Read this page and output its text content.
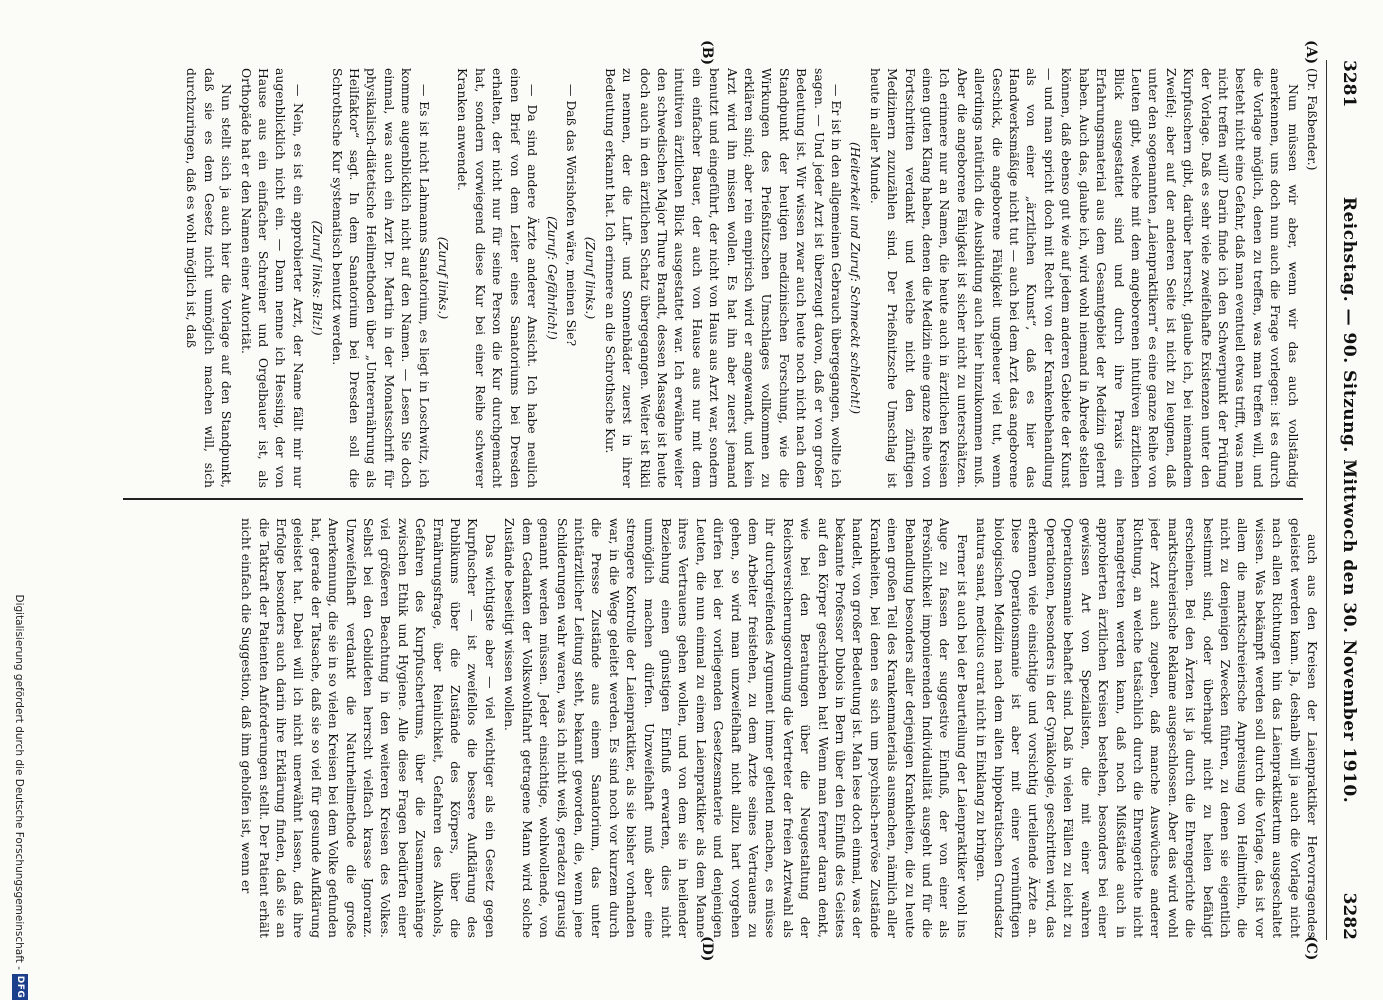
3281
Reichstag. — 90. Sitzung. Mittwoch den 30. November 1910.
3282
(A)
(B)
(C)
(D)

(Dr. Faßbender.)

Nun müssen wir aber, wenn wir das auch vollständig anerkennen, uns doch nun auch die Frage vorlegen: ist es durch die Vorlage möglich, denen zu treffen, was man treffen will, und besteht nicht eine Gefahr, daß man eventuell etwas trifft, was man nicht treffen will? Darin finde ich den Schwerpunkt der Prüfung der Vorlage. Daß es sehr viele zweifelhafte Existenzen unter den Kurpfuschern gibt, darüber herrscht, glaube ich, bei niemandem Zweifel; aber auf der anderen Seite ist nicht zu leugnen, daß unter den sogenannten „Laienpraktikern“ es eine ganze Reihe von Leuten gibt, welche mit dem angeborenen intuitiven ärztlichen Blick ausgestattet sind und durch ihre Praxis ein Erfahrungsmaterial aus dem Gesamtgebiet der Medizin gelernt haben. Auch das, glaube ich, wird wohl niemand in Abrede stellen können, daß ebenso gut wie auf jedem anderen Gebiete der Kunst — und man spricht doch mit Recht von der Krankenbehandlung als von einer „ärztlichen Kunst“, daß es hier das Handwerksmäßige nicht tut — auch bei dem Arzt das angeborene Geschick, die angeborene Fähigkeit ungeheuer viel tut, wenn allerdings natürlich die Ausbildung auch hier hinzukommen muß. Aber die angeborene Fähigkeit ist sicher nicht zu unterschätzen. Ich erinnere nur an Namen, die heute auch in ärztlichen Kreisen einen guten Klang haben, denen die Medizin eine ganze Reihe von Fortschritten verdankt und welche nicht den zünftigen Medizinern zuzuzählen sind. Der Prießnitzsche Umschlag ist heute in aller Munde.

(Heiterkeit und Zuruf: Schmeckt schlecht!)

— Er ist in den allgemeinen Gebrauch übergegangen, wollte ich sagen. — Und jeder Arzt ist überzeugt davon, daß er von großer Bedeutung ist. Wir wissen zwar auch heute noch nicht nach dem Standpunkt der heutigen medizinischen Forschung, wie die Wirkungen des Prießnitzschen Umschlages vollkommen zu erklären sind; aber rein empirisch wird er angewandt, und kein Arzt wird ihn missen wollen. Es hat ihn aber zuerst jemand benutzt und eingeführt, der nicht von Haus aus Arzt war, sondern ein einfacher Bauer, der auch von Hause aus nur mit dem intuitiven ärztlichen Blick ausgestattet war. Ich erwähne weiter den schwedischen Major Thure Brandt, dessen Massage ist heute doch auch in den ärztlichen Schatz übergegangen. Weiter ist Rikli zu nennen, der die Luft- und Sonnenbäder zuerst in ihrer Bedeutung erkannt hat. Ich erinnere an die Schrothsche Kur.

(Zuruf links.)

— Daß das Wörishofen wäre, meinen Sie?

(Zuruf: Gefährlich!)

— Da sind andere Ärzte anderer Ansicht. Ich habe neulich einen Brief von dem Leiter eines Sanatoriums bei Dresden erhalten, der nicht nur für seine Person die Kur durchgemacht hat, sondern vorwiegend diese Kur bei einer Reihe schwerer Kranken anwendet.

(Zuruf links.)

— Es ist nicht Lahmanns Sanatorium, es liegt in Loschwitz, ich komme augenblicklich nicht auf den Namen. — Lesen Sie doch einmal, was auch ein Arzt Dr. Martin in der Monatsschrift für physikalisch-diätetische Heilmethoden über „Unterernährung als Heilfaktor“ sagt. In dem Sanatorium bei Dresden soll die Schrothsche Kur systematisch benutzt werden.

(Zuruf links: Bilz!)

— Nein, es ist ein approbierter Arzt, der Name fällt mir nur augenblicklich nicht ein. — Dann nenne ich Hessing, der von Hause aus ein einfacher Schreiner und Orgelbauer ist, als Orthopäde hat er den Namen einer Autorität.

Nun stellt sich ja auch hier die Vorlage auf den Standpunkt, daß sie es dem Gesetz nicht unmöglich machen will, sich durchzuringen, daß es wohl möglich ist, daß

auch aus den Kreisen der Laienpraktiker Hervorragendes geleistet werden kann. Ja, deshalb will ja auch die Vorlage nicht nach allen Richtungen hin das Laienpraktikertum ausgeschaltet wissen. Was bekämpft werden soll durch die Vorlage, das ist vor allem die marktschreierische Anpreisung von Heilmitteln, die nicht zu denjenigen Zwecken führen, zu denen sie eigentlich bestimmt sind, oder überhaupt nicht zu heilen befähigt erscheinen. Bei den Ärzten ist ja durch die Ehrengerichte die marktschreierische Reklame ausgeschlossen. Aber das wird wohl jeder Arzt auch zugeben, daß manche Auswüchse anderer Richtung, an welche tatsächlich durch die Ehrengerichte nicht herangetreten werden kann, daß noch Mißstände auch in approbierten ärztlichen Kreisen bestehen, besonders bei einer gewissen Art von Spezialisten, die mit einer wahren Operationsmanie behaftet sind. Daß in vielen Fällen zu leicht zu Operationen, besonders in der Gynäkologie, geschritten wird, das erkennen viele einsichtige und vorsichtig urteilende Ärzte an. Diese Operationsmanie ist aber mit einer vernünftigen biologischen Medizin nach dem alten hippokratischen Grundsatz natura sanat, medicus curat nicht in Einklang zu bringen.

Ferner ist auch bei der Beurteilung der Laienpraktiker wohl ins Auge zu fassen der suggestive Einfluß, der von einer als Persönlichkeit imponierenden Individualität ausgeht und für die Behandlung besonders aller derjenigen Krankheiten, die zu heute einen großen Teil des Krankenmaterials ausmachen, nämlich aller Krankheiten, bei denen es sich um psychisch-nervöse Zustände handelt, von großer Bedeutung ist. Man lese doch einmal, was der bekannte Professor Dubois in Bern über den Einfluß des Geistes auf den Körper geschrieben hat! Wenn man ferner daran denkt, wie bei den Beratungen über die Neugestaltung der Reichsversicherungsordnung die Vertreter der freien Arztwahl als ihr durchgreifendes Argument immer geltend machen, es müsse dem Arbeiter freistehen, zu dem Arzte seines Vertrauens zu gehen, so wird man unzweifelhaft nicht allzu hart vorgehen dürfen bei der vorliegenden Gesetzesmaterie und denjenigen Leuten, die nun einmal zu einem Laienpraktiker als dem Manne ihres Vertrauens gehen wollen, und von dem sie in heilender Beziehung einen günstigen Einfluß erwarten, dies nicht unmöglich machen dürfen. Unzweifelhaft muß aber eine strengere Kontrolle der Laienpraktiker, als sie bisher vorhanden war, in die Wege geleitet werden. Es sind noch vor kurzem durch die Presse Zustände aus einem Sanatorium, das unter nichtärztlicher Leitung steht, bekannt geworden, die, wenn jene Schilderungen wahr waren, was ich nicht weiß, geradezu grausig genannt werden müssen. Jeder einsichtige, wohlwollende, von dem Gedanken der Volkswohlfahrt getragene Mann wird solche Zustände beseitigt wissen wollen.

Das wichtigste aber — viel wichtiger als ein Gesetz gegen Kurpfuscher — ist zweifellos die bessere Aufklärung des Publikums über die Zustände des Körpers, über die Ernährungsfrage, über Reinlichkeit, Gefahren des Alkohols, Gefahren des Kurpfuschertums, über die Zusammenhänge zwischen Ethik und Hygiene. Alle diese Fragen bedürfen einer viel größeren Beachtung in den weiteren Kreisen des Volkes. Selbst bei den Gebildeten herrscht vielfach krasse Ignoranz. Unzweifelhaft verdankt die Naturheilmethode die große Anerkennung, die sie in so vielen Kreisen bei dem Volke gefunden hat, gerade der Tatsache, daß sie so viel für gesunde Aufklärung geleistet hat. Dabei will ich nicht unerwähnt lassen, daß ihre Erfolge besonders auch darin ihre Erklärung finden, daß sie an die Tatkraft der Patienten Anforderungen stellt. Der Patient erhält nicht einfach die Suggestion, daß ihm geholfen ist, wenn er

Digitalisierung gefördert durch die Deutsche Forschungsgemeinschaft -
DFG
